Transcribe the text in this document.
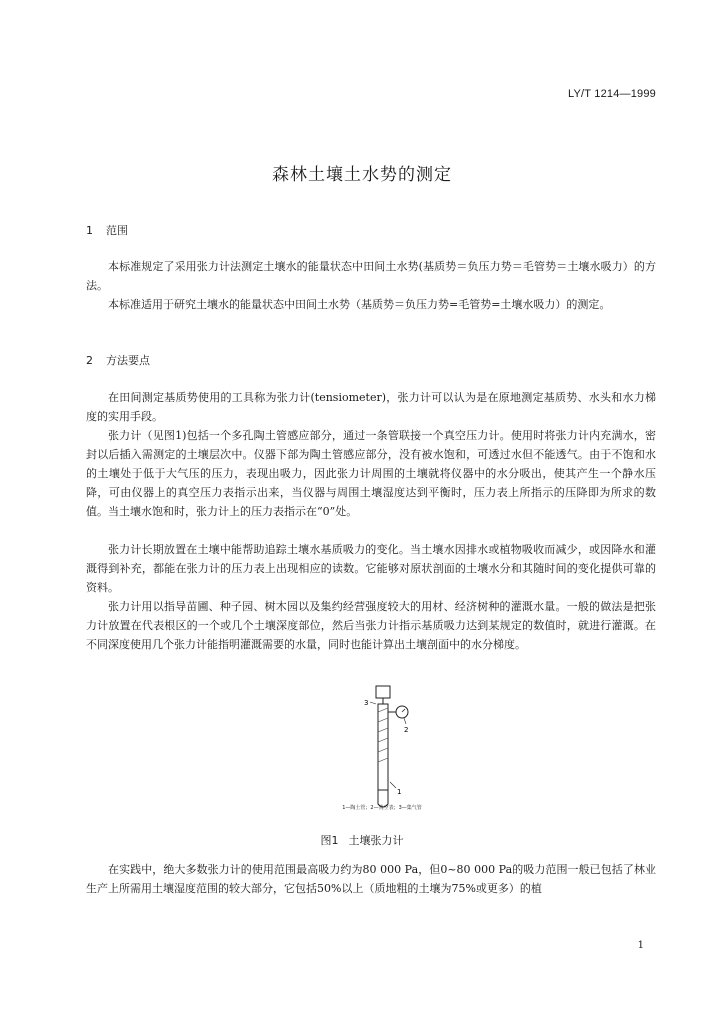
LY/T 1214—1999
森林土壤土水势的测定
1 范围

本标准规定了采用张力计法测定土壤水的能量状态中田间土水势(基质势＝负压力势＝毛管势＝土壤水吸力）的方法。

本标准适用于研究土壤水的能量状态中田间土水势（基质势＝负压力势=毛管势=土壤水吸力）的测定。

2 方法要点

在田间测定基质势使用的工具称为张力计(tensiometer)，张力计可以认为是在原地测定基质势、水头和水力梯度的实用手段。

张力计（见图1)包括一个多孔陶土管感应部分，通过一条管联接一个真空压力计。使用时将张力计内充满水，密封以后插入需测定的土壤层次中。仪器下部为陶土管感应部分，没有被水饱和，可透过水但不能透气。由于不饱和水的土壤处于低于大气压的压力，表现出吸力，因此张力计周围的土壤就将仪器中的水分吸出，使其产生一个静水压降，可由仪器上的真空压力表指示出来，当仪器与周围土壤湿度达到平衡时，压力表上所指示的压降即为所求的数值。当土壤水饱和时，张力计上的压力表指示在“0”处。

张力计长期放置在土壤中能帮助追踪土壤水基质吸力的变化。当土壤水因排水或植物吸收而减少，或因降水和灌溉得到补充，都能在张力计的压力表上出现相应的读数。它能够对原状剖面的土壤水分和其随时间的变化提供可靠的资料。

张力计用以指导苗圃、种子园、树木园以及集约经营强度较大的用材、经济树种的灌溉水量。一般的做法是把张力计放置在代表根区的一个或几个土壤深度部位，然后当张力计指示基质吸力达到某规定的数值时，就进行灌溉。在不同深度使用几个张力计能指明灌溉需要的水量，同时也能计算出土壤剖面中的水分梯度。

3
2
1
1—陶土管；2—真空表；3—集气管
图1 土壤张力计

在实践中，绝大多数张力计的使用范围最高吸力约为80 000 Pa，但0~80 000 Pa的吸力范围一般已包括了林业生产上所需用土壤湿度范围的较大部分，它包括50%以上（质地粗的土壤为75%或更多）的植

1
